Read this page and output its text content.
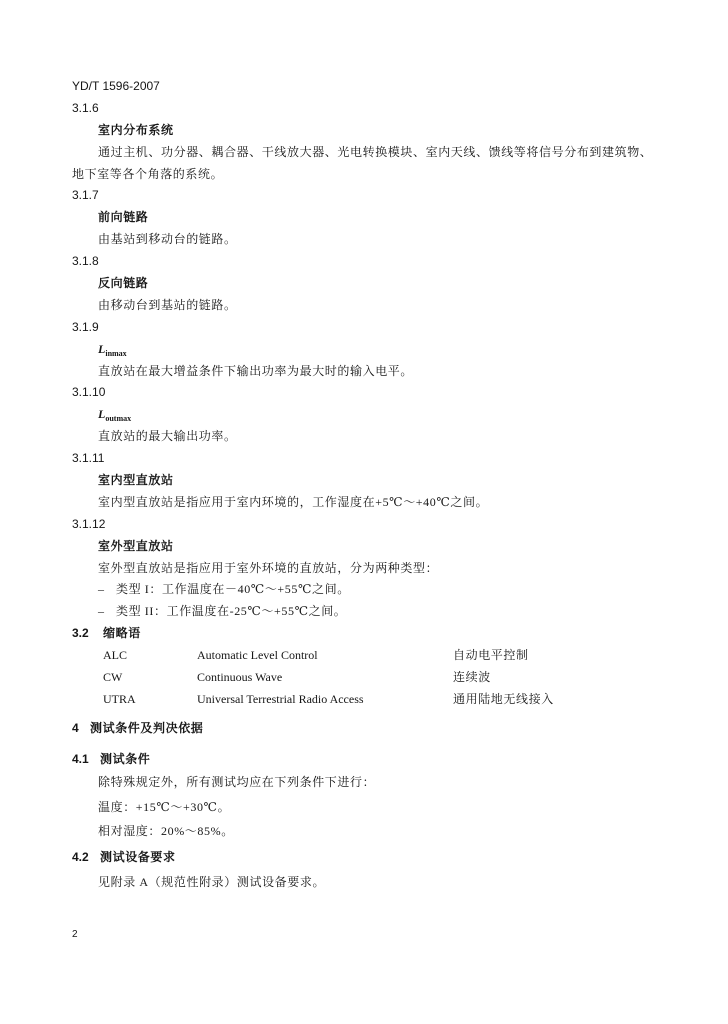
YD/T 1596-2007
3.1.6
室内分布系统
通过主机、功分器、耦合器、干线放大器、光电转换模块、室内天线、馈线等将信号分布到建筑物、
地下室等各个角落的系统。
3.1.7
前向链路
由基站到移动台的链路。
3.1.8
反向链路
由移动台到基站的链路。
3.1.9
$L_{inmax}$
直放站在最大增益条件下输出功率为最大时的输入电平。
3.1.10
$L_{outmax}$
直放站的最大输出功率。
3.1.11
室内型直放站
室内型直放站是指应用于室内环境的，工作湿度在+5℃～+40℃之间。
3.1.12
室外型直放站
室外型直放站是指应用于室外环境的直放站，分为两种类型：
– 类型 I：工作温度在－40℃～+55℃之间。
– 类型 II：工作温度在-25℃～+55℃之间。
3.2 缩略语
ALC	Automatic Level Control	自动电平控制
CW	Continuous Wave	连续波
UTRA	Universal Terrestrial Radio Access	通用陆地无线接入
4 测试条件及判决依据
4.1 测试条件
除特殊规定外，所有测试均应在下列条件下进行：
温度：+15℃～+30℃。
相对湿度：20%～85%。
4.2 测试设备要求
见附录 A（规范性附录）测试设备要求。
2
